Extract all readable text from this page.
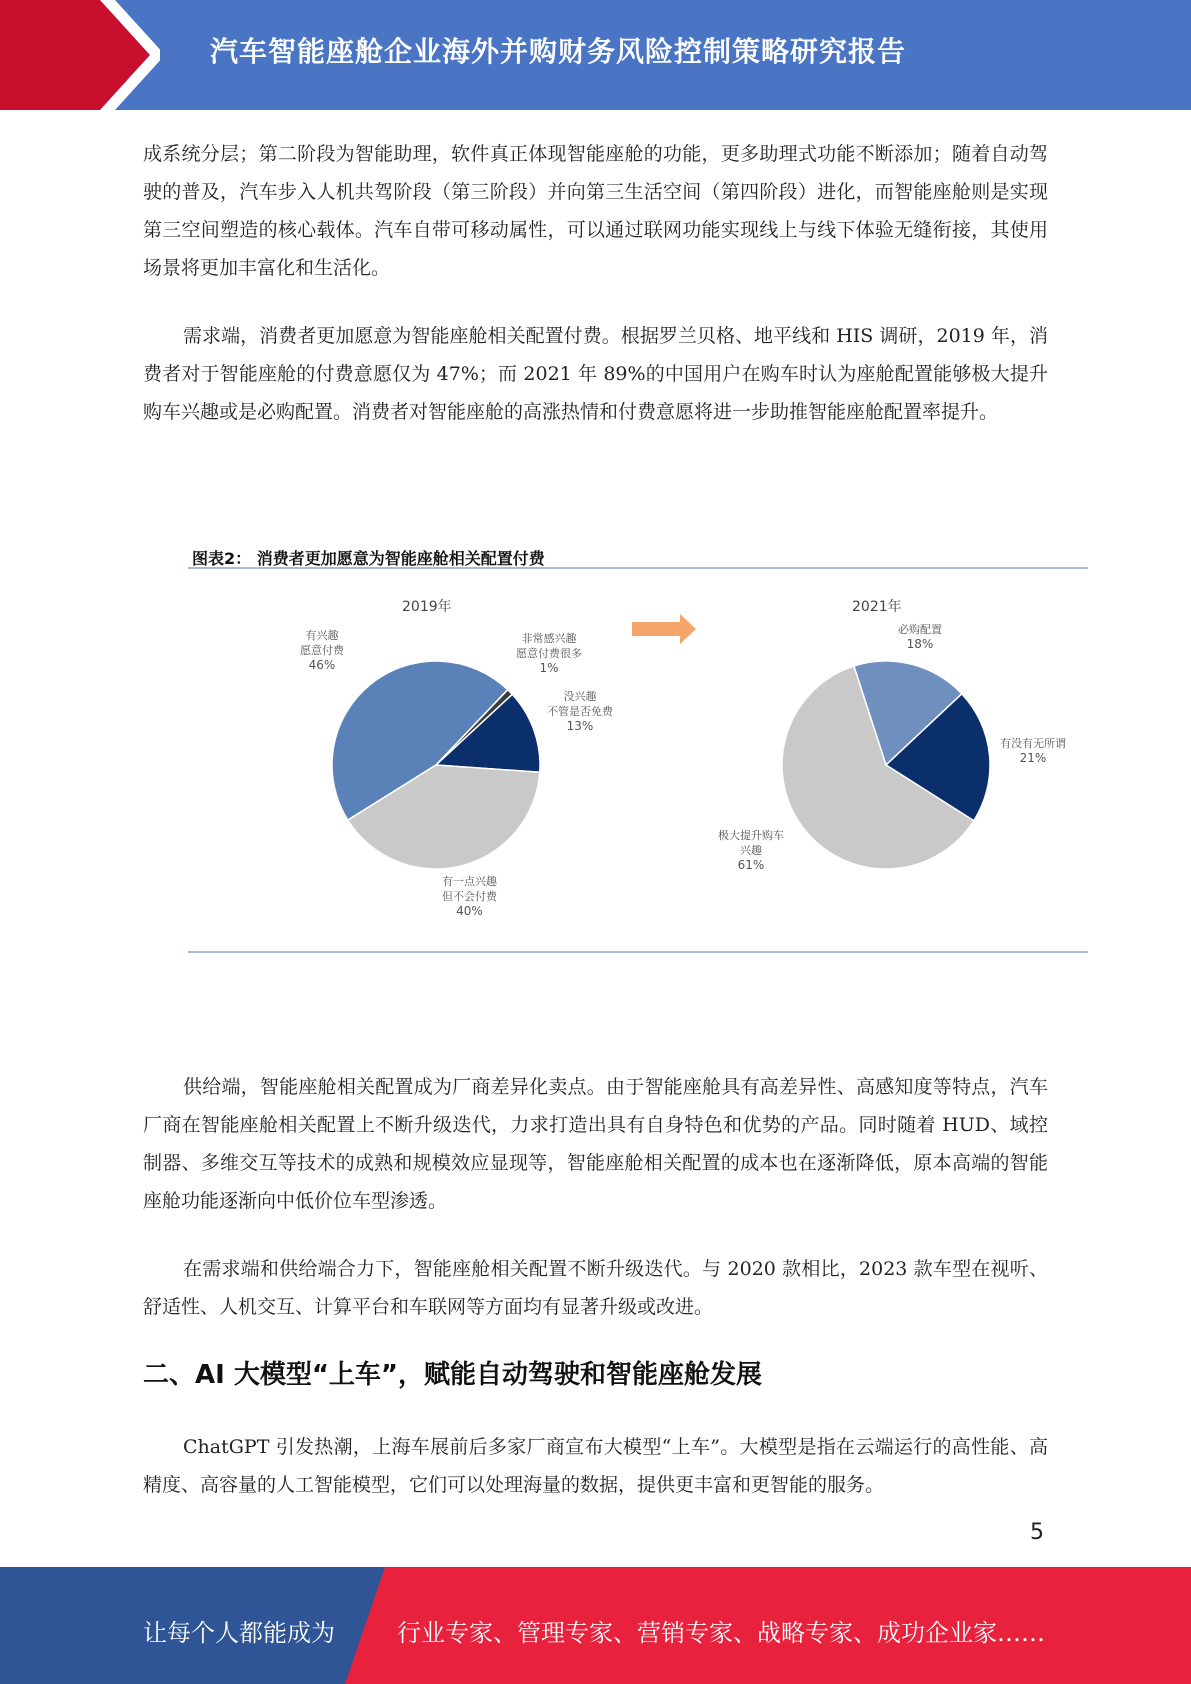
汽车智能座舱企业海外并购财务风险控制策略研究报告
成系统分层；第二阶段为智能助理，软件真正体现智能座舱的功能，更多助理式功能不断添加；随着自动驾驶的普及，汽车步入人机共驾阶段（第三阶段）并向第三生活空间（第四阶段）进化，而智能座舱则是实现第三空间塑造的核心载体。汽车自带可移动属性，可以通过联网功能实现线上与线下体验无缝衔接，其使用场景将更加丰富化和生活化。
需求端，消费者更加愿意为智能座舱相关配置付费。根据罗兰贝格、地平线和 HIS 调研，2019 年，消费者对于智能座舱的付费意愿仅为 47%；而 2021 年 89%的中国用户在购车时认为座舱配置能够极大提升购车兴趣或是必购配置。消费者对智能座舱的高涨热情和付费意愿将进一步助推智能座舱配置率提升。
图表2： 消费者更加愿意为智能座舱相关配置付费
2019年	2021年
有兴趣
愿意付费
46%
非常感兴趣
愿意付费很多
1%
没兴趣
不管是否免费
13%
有一点兴趣
但不会付费
40%
必购配置
18%
有没有无所谓
21%
极大提升购车
兴趣
61%
供给端，智能座舱相关配置成为厂商差异化卖点。由于智能座舱具有高差异性、高感知度等特点，汽车厂商在智能座舱相关配置上不断升级迭代，力求打造出具有自身特色和优势的产品。同时随着 HUD、域控制器、多维交互等技术的成熟和规模效应显现等，智能座舱相关配置的成本也在逐渐降低，原本高端的智能座舱功能逐渐向中低价位车型渗透。
在需求端和供给端合力下，智能座舱相关配置不断升级迭代。与 2020 款相比，2023 款车型在视听、舒适性、人机交互、计算平台和车联网等方面均有显著升级或改进。
二、AI 大模型“上车”，赋能自动驾驶和智能座舱发展
ChatGPT 引发热潮，上海车展前后多家厂商宣布大模型“上车”。大模型是指在云端运行的高性能、高精度、高容量的人工智能模型，它们可以处理海量的数据，提供更丰富和更智能的服务。
5
让每个人都能成为	行业专家、管理专家、营销专家、战略专家、成功企业家……
